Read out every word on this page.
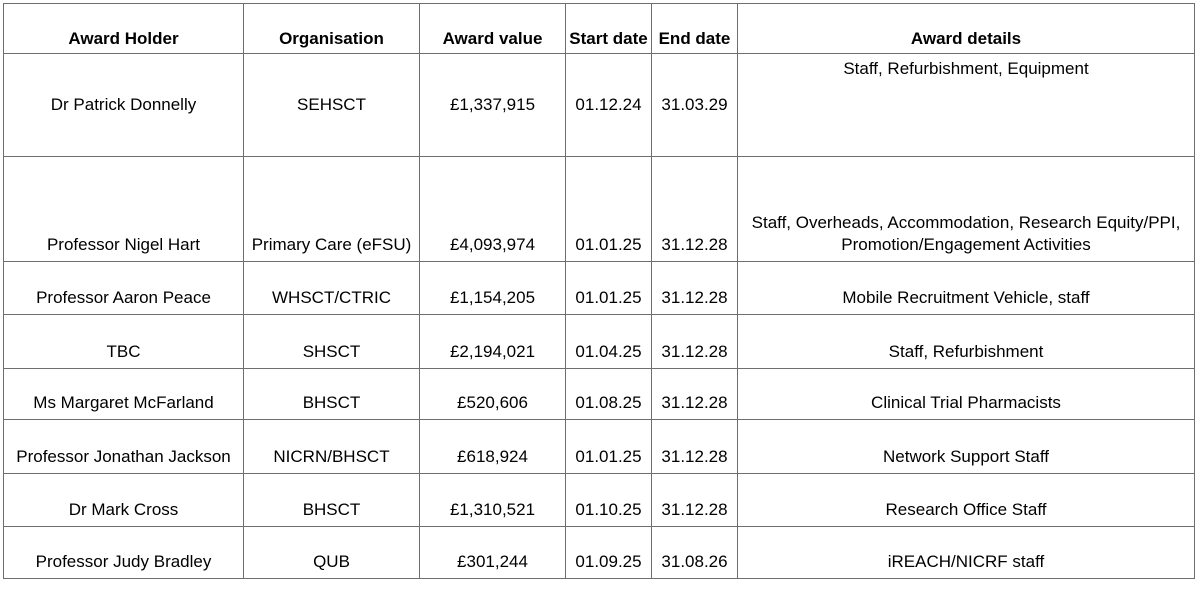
Award Holder	Organisation	Award value	Start date	End date	Award details
Dr Patrick Donnelly	SEHSCT	£1,337,915	01.12.24	31.03.29	Staff, Refurbishment, Equipment
Professor Nigel Hart	Primary Care (eFSU)	£4,093,974	01.01.25	31.12.28	Staff, Overheads, Accommodation, Research Equity/PPI, Promotion/Engagement Activities
Professor Aaron Peace	WHSCT/CTRIC	£1,154,205	01.01.25	31.12.28	Mobile Recruitment Vehicle, staff
TBC	SHSCT	£2,194,021	01.04.25	31.12.28	Staff, Refurbishment
Ms Margaret McFarland	BHSCT	£520,606	01.08.25	31.12.28	Clinical Trial Pharmacists
Professor Jonathan Jackson	NICRN/BHSCT	£618,924	01.01.25	31.12.28	Network Support Staff
Dr Mark Cross	BHSCT	£1,310,521	01.10.25	31.12.28	Research Office Staff
Professor Judy Bradley	QUB	£301,244	01.09.25	31.08.26	iREACH/NICRF staff
